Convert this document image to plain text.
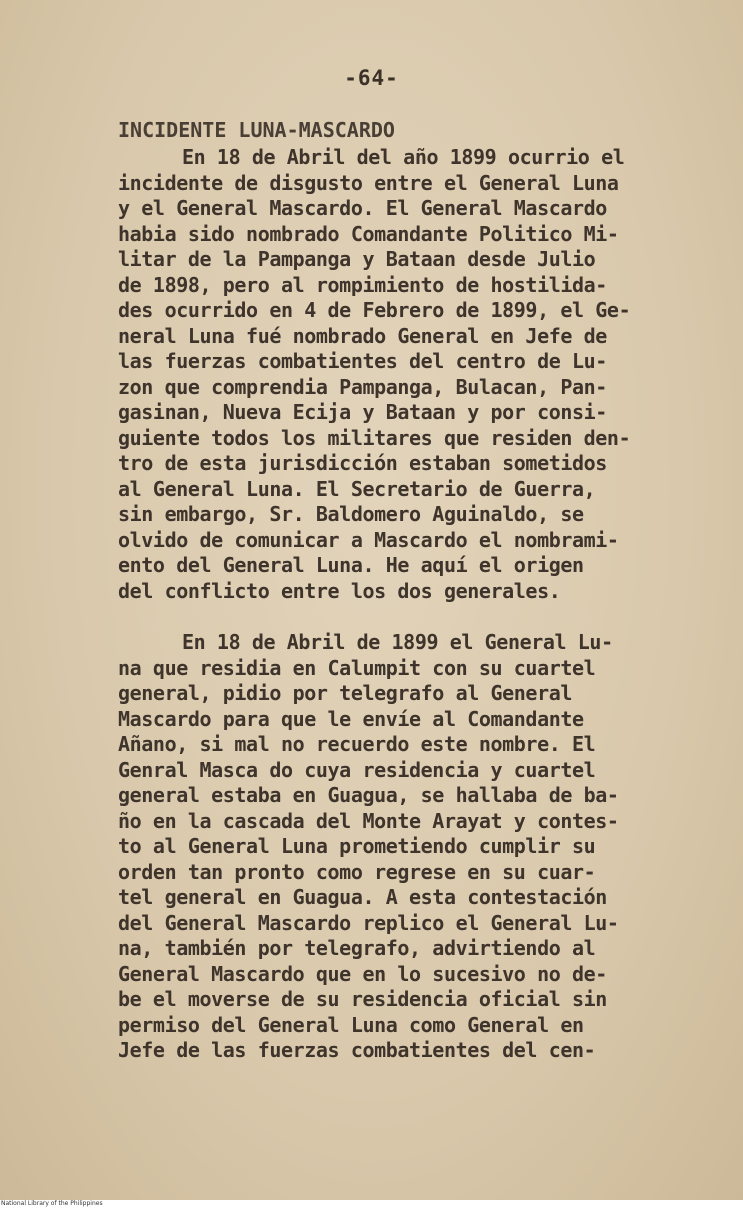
-64-
INCIDENTE LUNA-MASCARDO
En 18 de Abril del año 1899 ocurrio el
incidente de disgusto entre el General Luna
y el General Mascardo. El General Mascardo
habia sido nombrado Comandante Politico Mi-
litar de la Pampanga y Bataan desde Julio
de 1898, pero al rompimiento de hostilida-
des ocurrido en 4 de Febrero de 1899, el Ge-
neral Luna fué nombrado General en Jefe de
las fuerzas combatientes del centro de Lu-
zon que comprendia Pampanga, Bulacan, Pan-
gasinan, Nueva Ecija y Bataan y por consi-
guiente todos los militares que residen den-
tro de esta jurisdicción estaban sometidos
al General Luna. El Secretario de Guerra,
sin embargo, Sr. Baldomero Aguinaldo, se
olvido de comunicar a Mascardo el nombrami-
ento del General Luna. He aquí el origen
del conflicto entre los dos generales.
En 18 de Abril de 1899 el General Lu-
na que residia en Calumpit con su cuartel
general, pidio por telegrafo al General
Mascardo para que le envíe al Comandante
Añano, si mal no recuerdo este nombre. El
Genral Masca do cuya residencia y cuartel
general estaba en Guagua, se hallaba de ba-
ño en la cascada del Monte Arayat y contes-
to al General Luna prometiendo cumplir su
orden tan pronto como regrese en su cuar-
tel general en Guagua. A esta contestación
del General Mascardo replico el General Lu-
na, también por telegrafo, advirtiendo al
General Mascardo que en lo sucesivo no de-
be el moverse de su residencia oficial sin
permiso del General Luna como General en
Jefe de las fuerzas combatientes del cen-
National Library of the Philippines
